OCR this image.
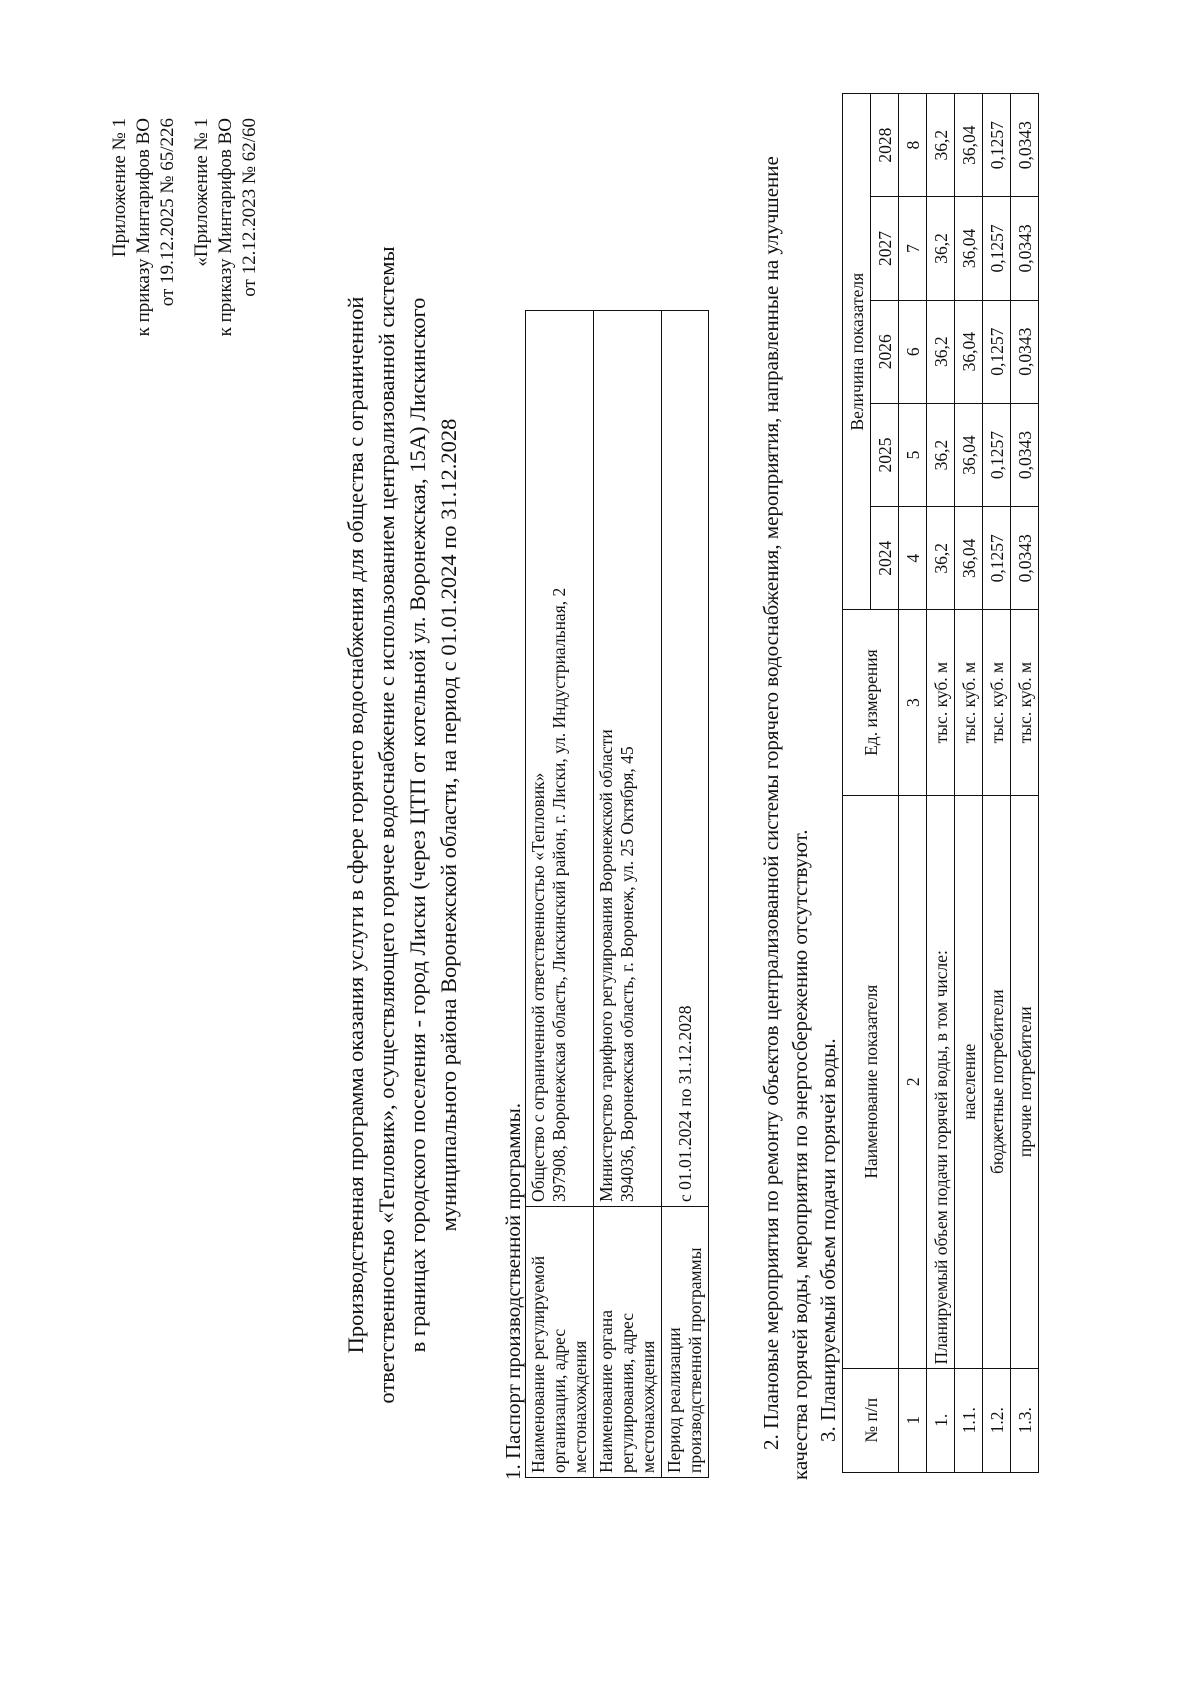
Приложение № 1 к приказу Минтарифов ВО от 19.12.2025 № 65/226 «Приложение № 1 к приказу Минтарифов ВО от 12.12.2023 № 62/60
Производственная программа оказания услуги в сфере горячего водоснабжения для общества с ограниченной ответственностью «Тепловик», осуществляющего горячее водоснабжение с использованием централизованной системы в границах городского поселения - город Лиски (через ЦТП от котельной ул. Воронежская, 15А) Лискинского муниципального района Воронежской области, на период с 01.01.2024 по 31.12.2028
1. Паспорт производственной программы. Наименование регулируемой организации, адрес местонахождения	Общество с ограниченной ответственностью «Тепловик» 397908, Воронежская область, Лискинский район, г. Лиски, ул. Индустриальная, 2

Наименование органа регулирования, адрес местонахождения	Министерство тарифного регулирования Воронежской области 394036, Воронежская область, г. Воронеж, ул. 25 Октября, 45

Период реализации производственной программы	с 01.01.2024 по 31.12.2028	2. Плановые мероприятия по ремонту объектов централизованной системы горячего водоснабжения, мероприятия, направленные на улучшение качества горячей воды, мероприятия по энергосбережению отсутствуют. 3. Планируемый объем подачи горячей воды. № п/п	Наименование показателя	Ед. измерения	Величина показателя				
			2024	2025	2026	2027	2028
1	2	3	4	5	6	7	8
1.	Планируемый объем подачи горячей воды, в том числе:	тыс. куб. м	36,2	36,2	36,2	36,2	36,2
1.1.	население	тыс. куб. м	36,04	36,04	36,04	36,04	36,04
1.2.	бюджетные потребители	тыс. куб. м	0,1257	0,1257	0,1257	0,1257	0,1257
1.3.	прочие потребители	тыс. куб. м	0,0343	0,0343	0,0343	0,0343	0,0343
